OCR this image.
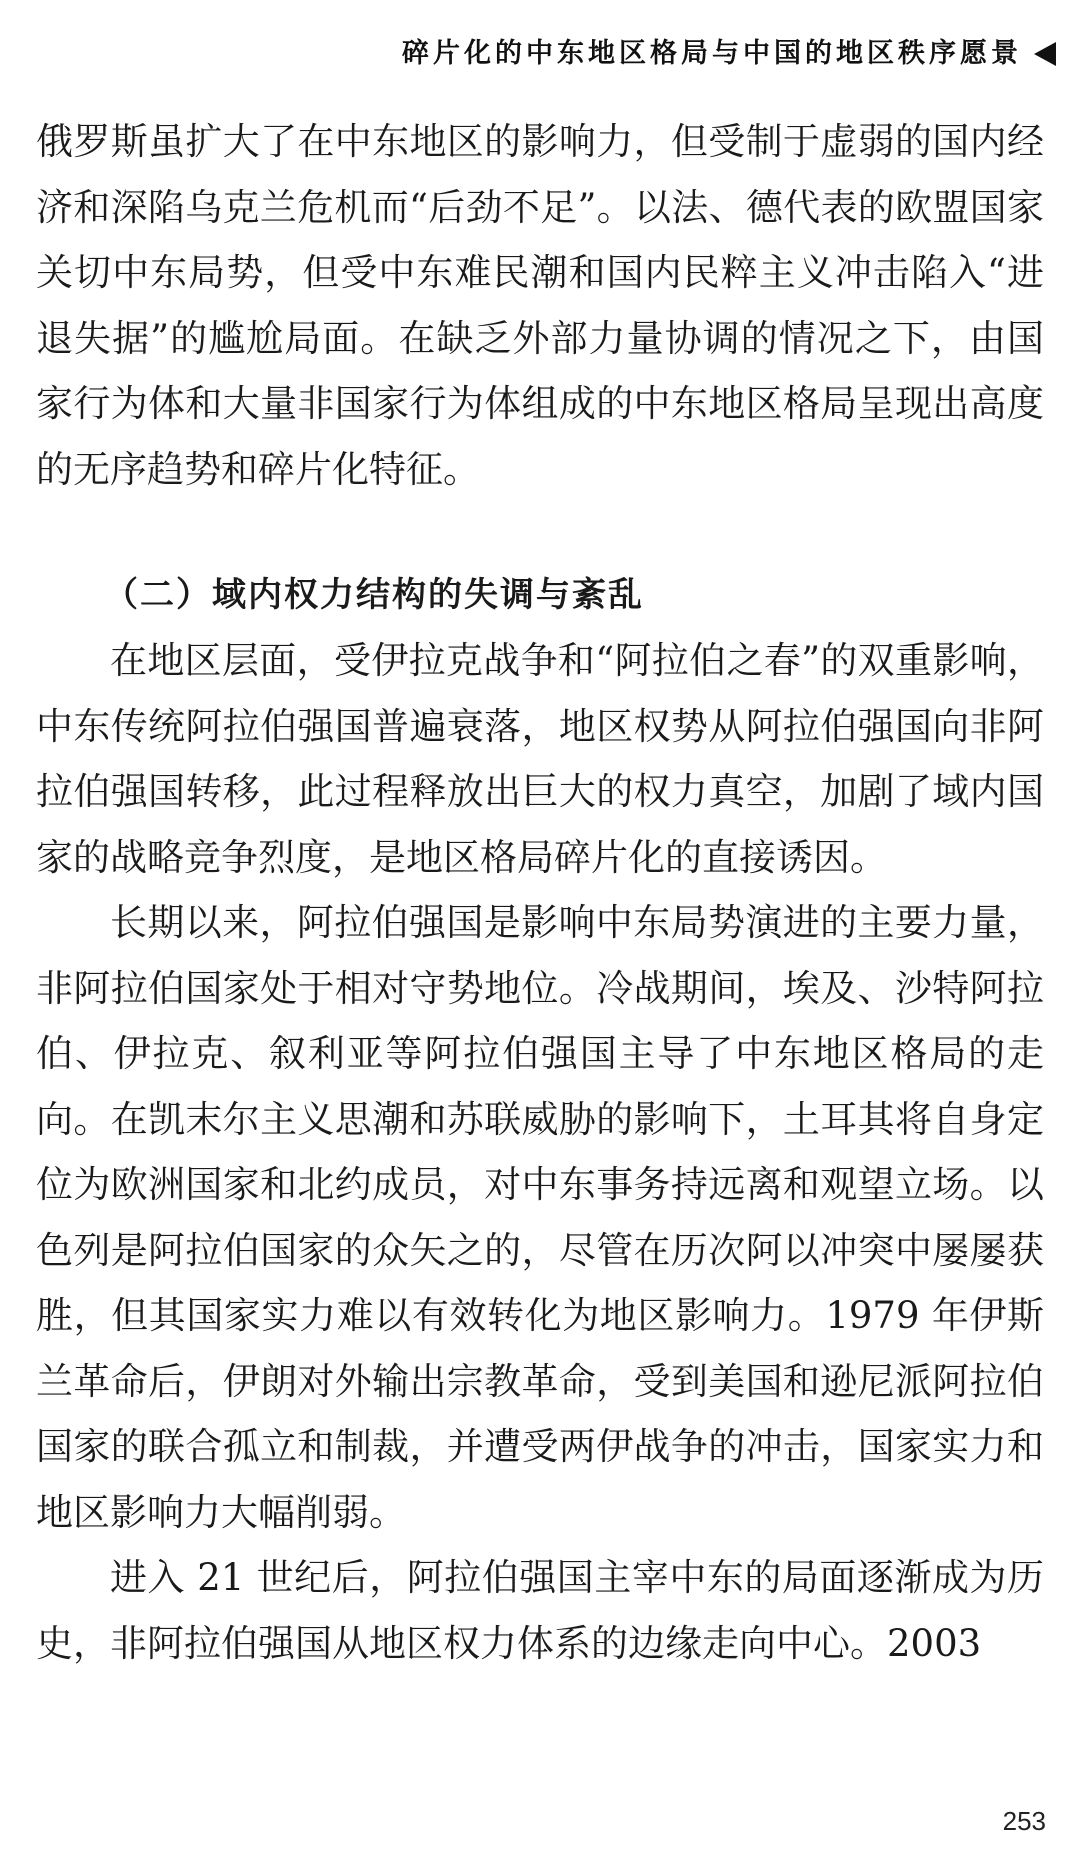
碎片化的中东地区格局与中国的地区秩序愿景

俄罗斯虽扩大了在中东地区的影响力，但受制于虚弱的国内经济和深陷乌克兰危机而“后劲不足”。以法、德代表的欧盟国家关切中东局势，但受中东难民潮和国内民粹主义冲击陷入“进退失据”的尴尬局面。在缺乏外部力量协调的情况之下，由国家行为体和大量非国家行为体组成的中东地区格局呈现出高度的无序趋势和碎片化特征。

（二）域内权力结构的失调与紊乱

在地区层面，受伊拉克战争和“阿拉伯之春”的双重影响，中东传统阿拉伯强国普遍衰落，地区权势从阿拉伯强国向非阿拉伯强国转移，此过程释放出巨大的权力真空，加剧了域内国家的战略竞争烈度，是地区格局碎片化的直接诱因。

长期以来，阿拉伯强国是影响中东局势演进的主要力量，非阿拉伯国家处于相对守势地位。冷战期间，埃及、沙特阿拉伯、伊拉克、叙利亚等阿拉伯强国主导了中东地区格局的走向。在凯末尔主义思潮和苏联威胁的影响下，土耳其将自身定位为欧洲国家和北约成员，对中东事务持远离和观望立场。以色列是阿拉伯国家的众矢之的，尽管在历次阿以冲突中屡屡获胜，但其国家实力难以有效转化为地区影响力。1979 年伊斯兰革命后，伊朗对外输出宗教革命，受到美国和逊尼派阿拉伯国家的联合孤立和制裁，并遭受两伊战争的冲击，国家实力和地区影响力大幅削弱。

进入 21 世纪后，阿拉伯强国主宰中东的局面逐渐成为历史，非阿拉伯强国从地区权力体系的边缘走向中心。2003

253
